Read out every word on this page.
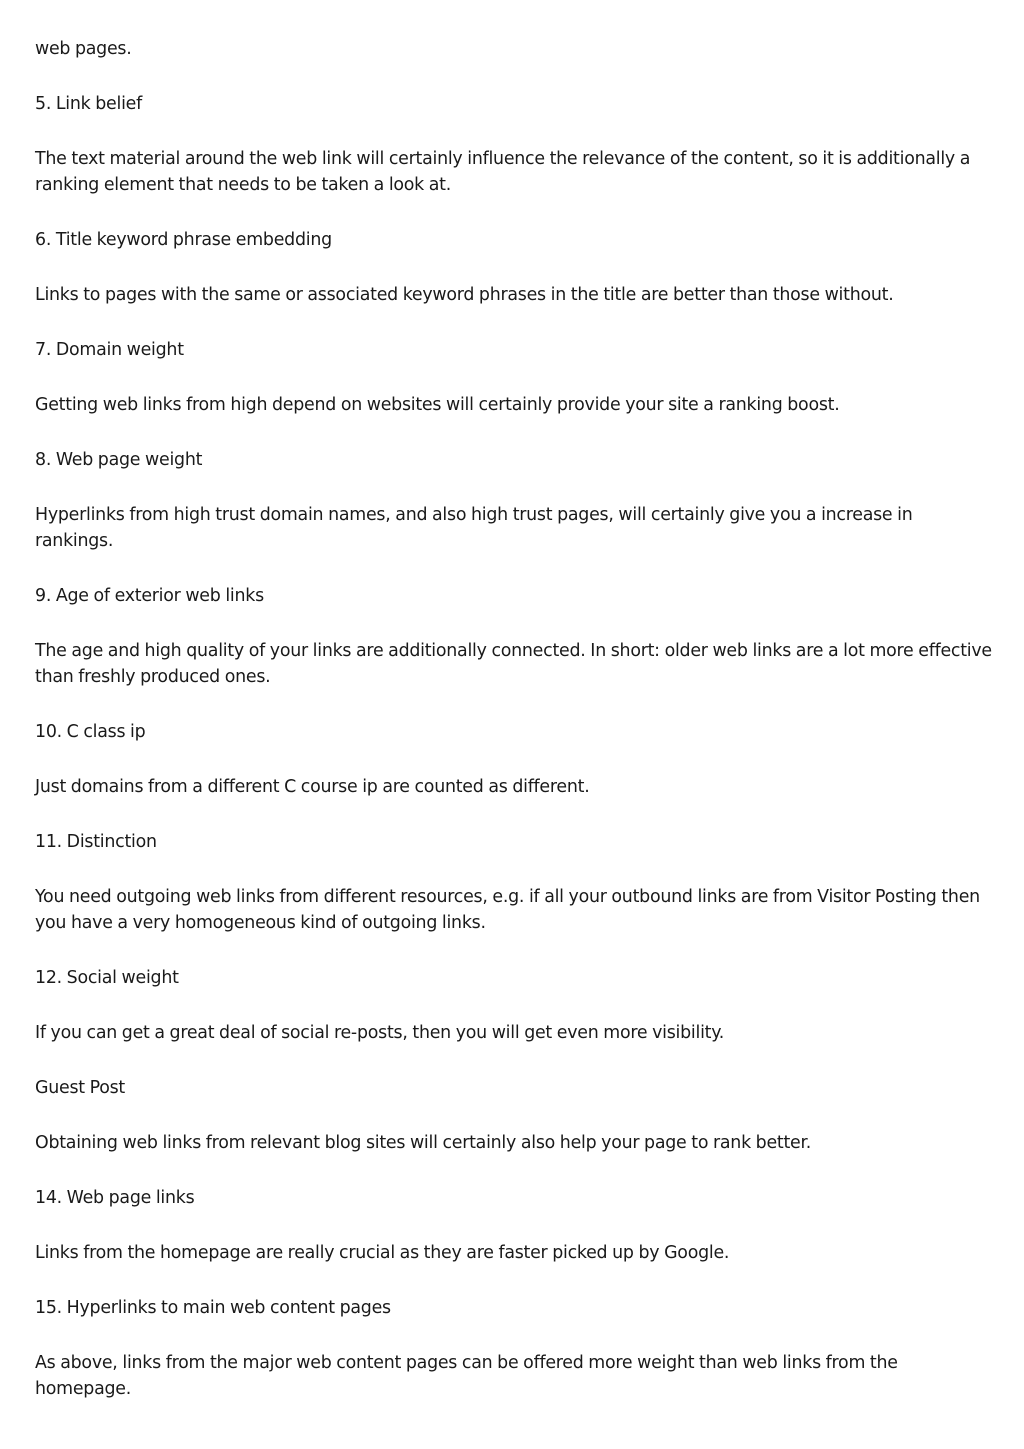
web pages.

5. Link belief

The text material around the web link will certainly influence the relevance of the content, so it is additionally a ranking element that needs to be taken a look at.

6. Title keyword phrase embedding

Links to pages with the same or associated keyword phrases in the title are better than those without.

7. Domain weight

Getting web links from high depend on websites will certainly provide your site a ranking boost.

8. Web page weight

Hyperlinks from high trust domain names, and also high trust pages, will certainly give you a increase in rankings.

9. Age of exterior web links

The age and high quality of your links are additionally connected. In short: older web links are a lot more effective than freshly produced ones.

10. C class ip

Just domains from a different C course ip are counted as different.

11. Distinction

You need outgoing web links from different resources, e.g. if all your outbound links are from Visitor Posting then you have a very homogeneous kind of outgoing links.

12. Social weight

If you can get a great deal of social re-posts, then you will get even more visibility.

Guest Post

Obtaining web links from relevant blog sites will certainly also help your page to rank better.

14. Web page links

Links from the homepage are really crucial as they are faster picked up by Google.

15. Hyperlinks to main web content pages

As above, links from the major web content pages can be offered more weight than web links from the homepage.
